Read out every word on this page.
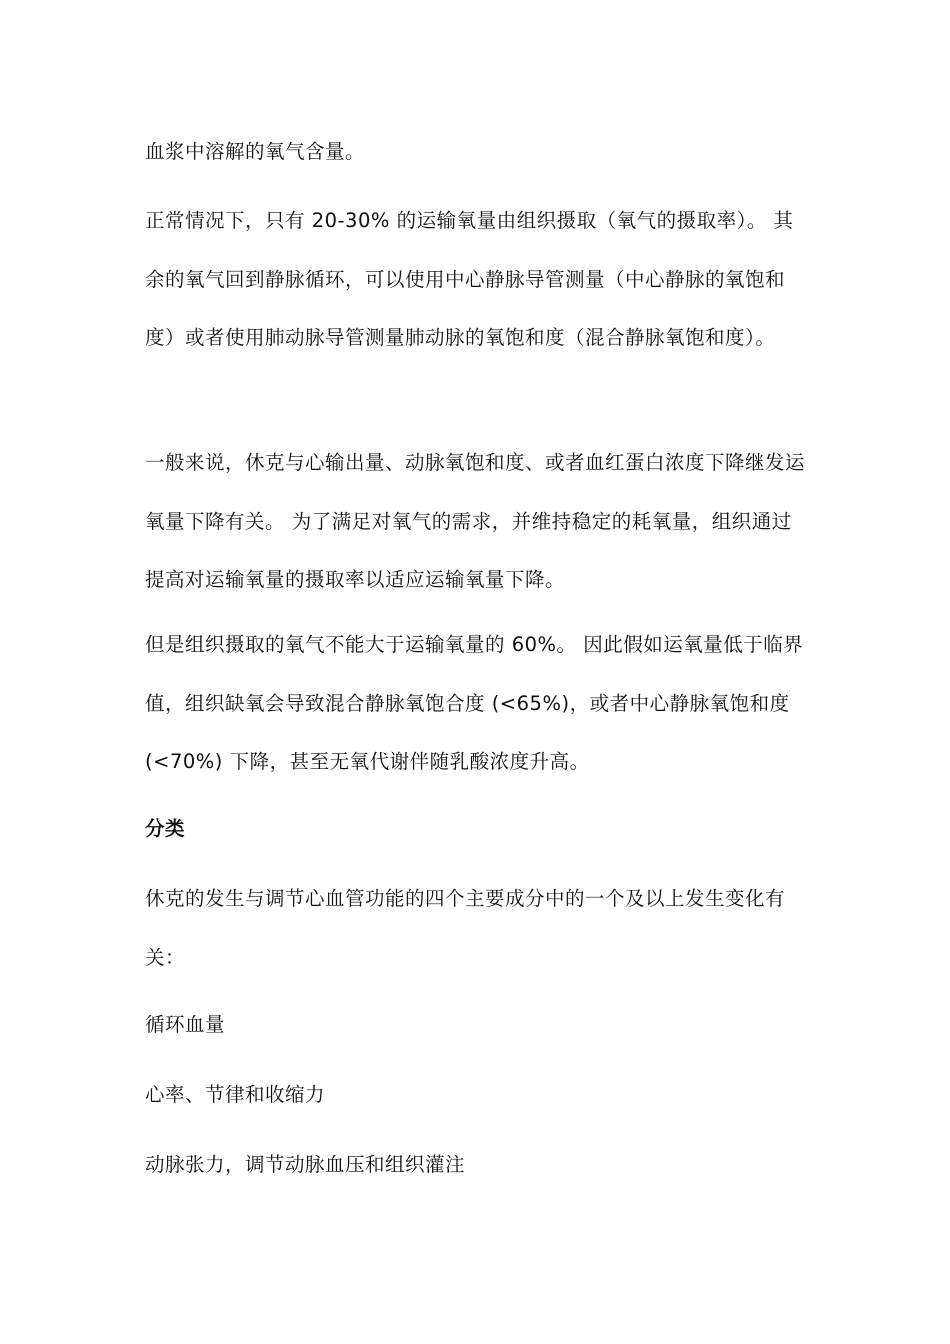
血浆中溶解的氧气含量。

正常情况下，只有 20-30% 的运输氧量由组织摄取（氧气的摄取率）。 其余的氧气回到静脉循环，可以使用中心静脉导管测量（中心静脉的氧饱和度）或者使用肺动脉导管测量肺动脉的氧饱和度（混合静脉氧饱和度）。

一般来说，休克与心输出量、动脉氧饱和度、或者血红蛋白浓度下降继发运氧量下降有关。 为了满足对氧气的需求，并维持稳定的耗氧量，组织通过提高对运输氧量的摄取率以适应运输氧量下降。

但是组织摄取的氧气不能大于运输氧量的 60%。 因此假如运氧量低于临界值，组织缺氧会导致混合静脉氧饱合度 (<65%)，或者中心静脉氧饱和度 (<70%) 下降，甚至无氧代谢伴随乳酸浓度升高。

分类

休克的发生与调节心血管功能的四个主要成分中的一个及以上发生变化有关：

循环血量

心率、节律和收缩力

动脉张力，调节动脉血压和组织灌注
